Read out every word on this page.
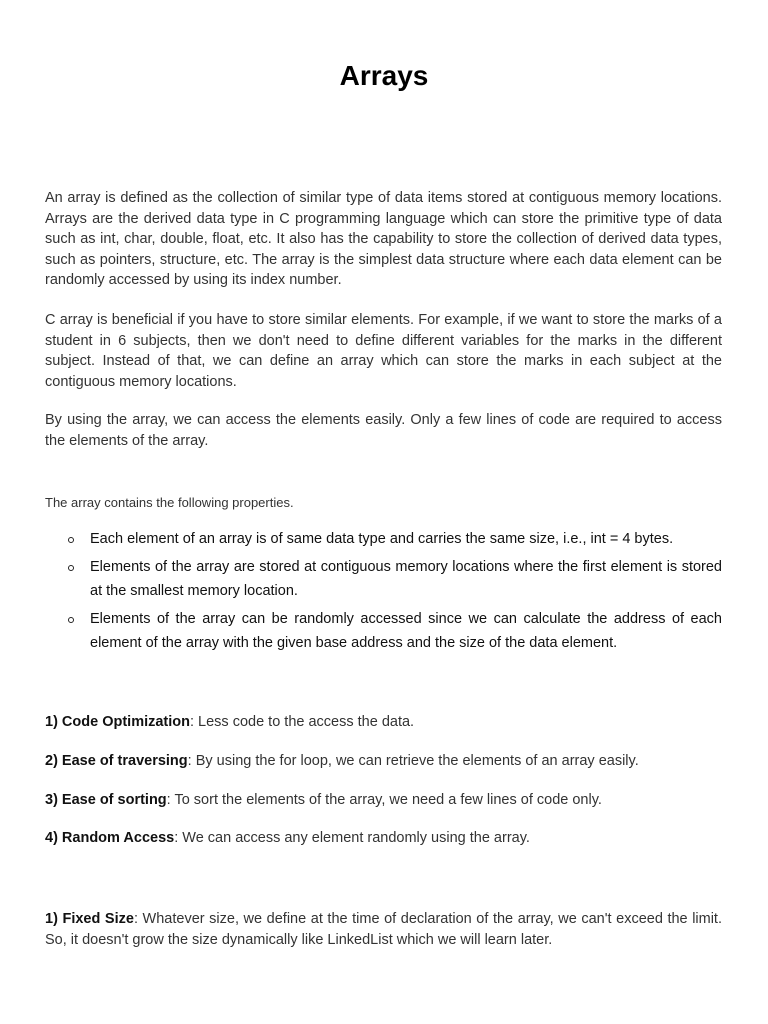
Arrays

An array is defined as the collection of similar type of data items stored at contiguous memory locations. Arrays are the derived data type in C programming language which can store the primitive type of data such as int, char, double, float, etc. It also has the capability to store the collection of derived data types, such as pointers, structure, etc. The array is the simplest data structure where each data element can be randomly accessed by using its index number.

C array is beneficial if you have to store similar elements. For example, if we want to store the marks of a student in 6 subjects, then we don't need to define different variables for the marks in the different subject. Instead of that, we can define an array which can store the marks in each subject at the contiguous memory locations.

By using the array, we can access the elements easily. Only a few lines of code are required to access the elements of the array.

The array contains the following properties.

Each element of an array is of same data type and carries the same size, i.e., int = 4 bytes.
Elements of the array are stored at contiguous memory locations where the first element is stored at the smallest memory location.
Elements of the array can be randomly accessed since we can calculate the address of each element of the array with the given base address and the size of the data element.

1) Code Optimization: Less code to the access the data.

2) Ease of traversing: By using the for loop, we can retrieve the elements of an array easily.

3) Ease of sorting: To sort the elements of the array, we need a few lines of code only.

4) Random Access: We can access any element randomly using the array.

1) Fixed Size: Whatever size, we define at the time of declaration of the array, we can't exceed the limit. So, it doesn't grow the size dynamically like LinkedList which we will learn later.
